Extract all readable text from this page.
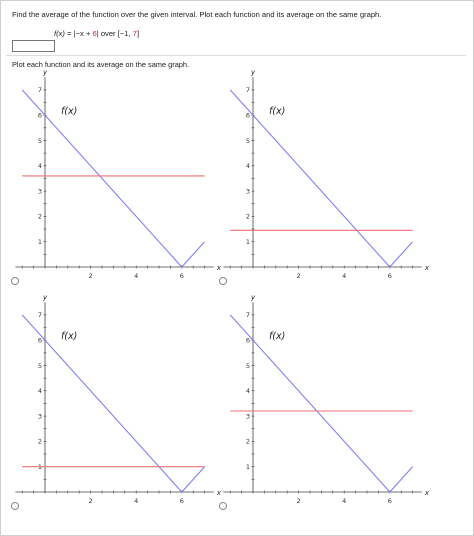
Find the average of the function over the given interval. Plot each function and its average on the same graph.
f(x) = |−x + 6| over [−1, 7]
Plot each function and its average on the same graph.
x
y
2	4	6
1
2
3
4
5
6
7
f(x)
x
y
2	4	6
1
2
3
4
5
6
7
f(x)
x
y
2	4	6
1
2
3
4
5
6
7
f(x)
x
y
2	4	6
1
2
3
4
5
6
7
f(x)
